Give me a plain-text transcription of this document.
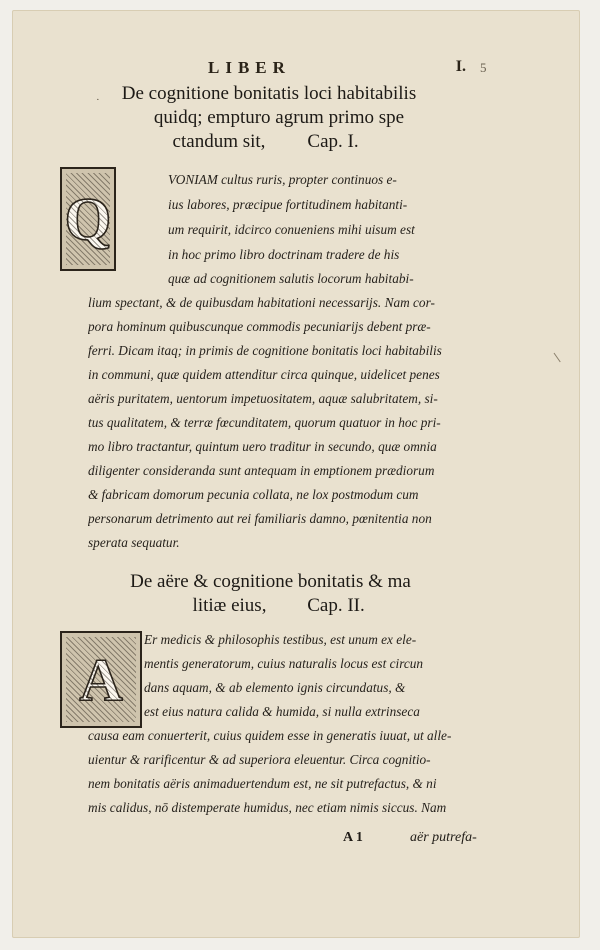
·
LIBER	I. 5
De cognitione bonitatis loci habitabilis
quidq; empturo agrum primo spe
ctandum sit,	Cap. I.
Q
VONIAM cultus ruris, propter continuos e-
ius labores, præcipue fortitudinem habitanti-
um requirit, idcirco conueniens mihi uisum est
in hoc primo libro doctrinam tradere de his
quæ ad cognitionem salutis locorum habitabi-
lium spectant, & de quibusdam habitationi necessarijs. Nam cor-
pora hominum quibuscunque commodis pecuniarijs debent præ-
ferri. Dicam itaq; in primis de cognitione bonitatis loci habitabilis
in communi, quæ quidem attenditur circa quinque, uidelicet penes
aëris puritatem, uentorum impetuositatem, aquæ salubritatem, si-
tus qualitatem, & terræ fœcunditatem, quorum quatuor in hoc pri-
mo libro tractantur, quintum uero traditur in secundo, quæ omnia
diligenter consideranda sunt antequam in emptionem prædiorum
& fabricam domorum pecunia collata, ne lox postmodum cum
personarum detrimento aut rei familiaris damno, pœnitentia non
sperata sequatur.
De aëre & cognitione bonitatis & ma
litiæ eius,	Cap. II.
A
Er medicis & philosophis testibus, est unum ex ele-
mentis generatorum, cuius naturalis locus est circun
dans aquam, & ab elemento ignis circundatus, &
est eius natura calida & humida, si nulla extrinseca
causa eam conuerterit, cuius quidem esse in generatis iuuat, ut alle-
uientur & rarificentur & ad superiora eleuentur. Circa cognitio-
nem bonitatis aëris animaduertendum est, ne sit putrefactus, & ni
mis calidus, nō distemperate humidus, nec etiam nimis siccus. Nam
A 1	aër putrefa-
